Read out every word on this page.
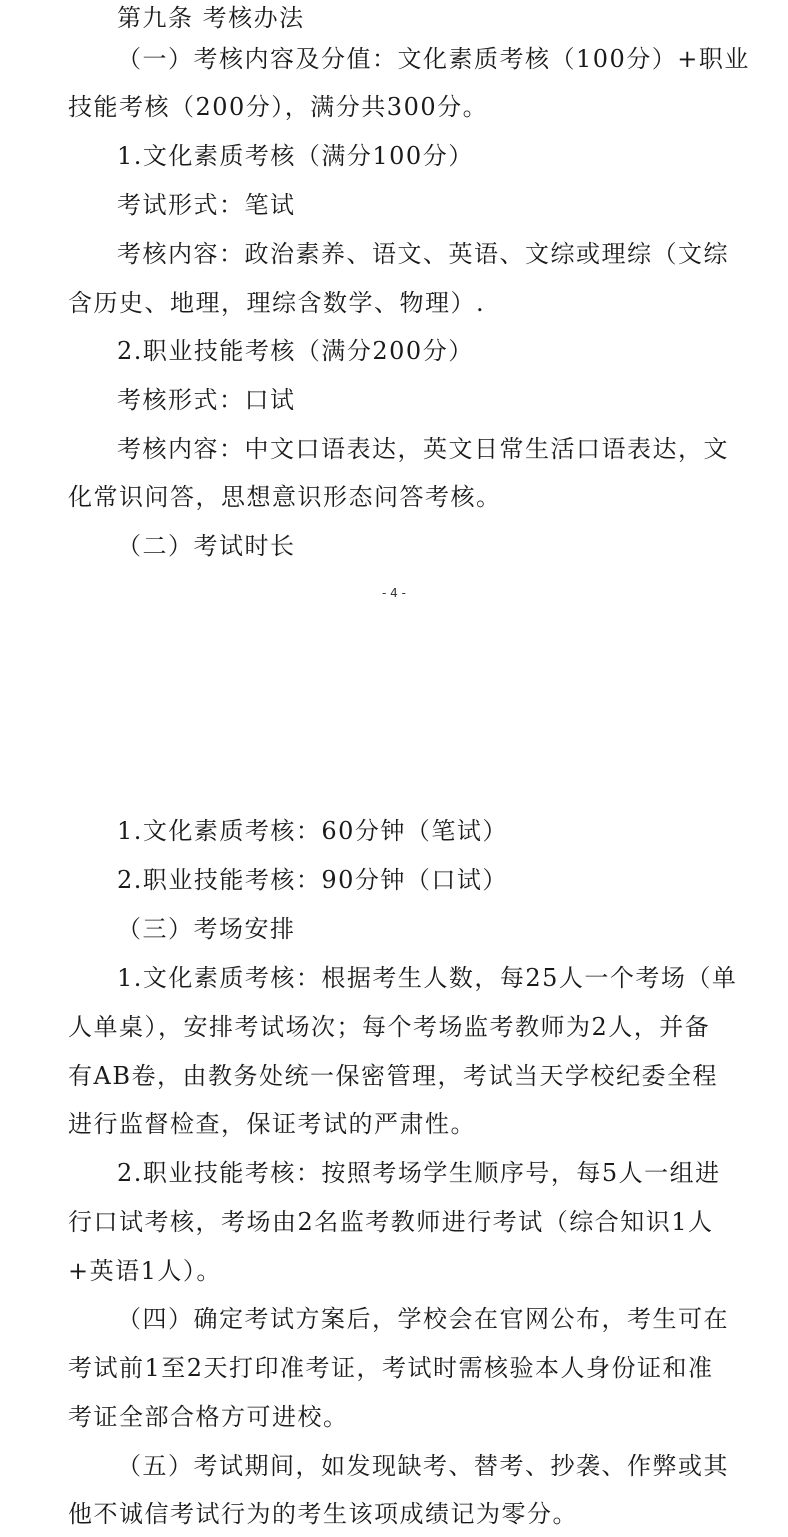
第九条 考核办法
（一）考核内容及分值：文化素质考核（100分）+职业
技能考核（200分），满分共300分。
1.文化素质考核（满分100分）
考试形式：笔试
考核内容：政治素养、语文、英语、文综或理综（文综
含历史、地理，理综含数学、物理）.
2.职业技能考核（满分200分）
考核形式：口试
考核内容：中文口语表达，英文日常生活口语表达，文
化常识问答，思想意识形态问答考核。
（二）考试时长
- 4 -
1.文化素质考核：60分钟（笔试）
2.职业技能考核：90分钟（口试）
（三）考场安排
1.文化素质考核：根据考生人数，每25人一个考场（单
人单桌），安排考试场次；每个考场监考教师为2人，并备
有AB卷，由教务处统一保密管理，考试当天学校纪委全程
进行监督检查，保证考试的严肃性。
2.职业技能考核：按照考场学生顺序号，每5人一组进
行口试考核，考场由2名监考教师进行考试（综合知识1人
+英语1人）。
（四）确定考试方案后，学校会在官网公布，考生可在
考试前1至2天打印准考证，考试时需核验本人身份证和准
考证全部合格方可进校。
（五）考试期间，如发现缺考、替考、抄袭、作弊或其
他不诚信考试行为的考生该项成绩记为零分。
